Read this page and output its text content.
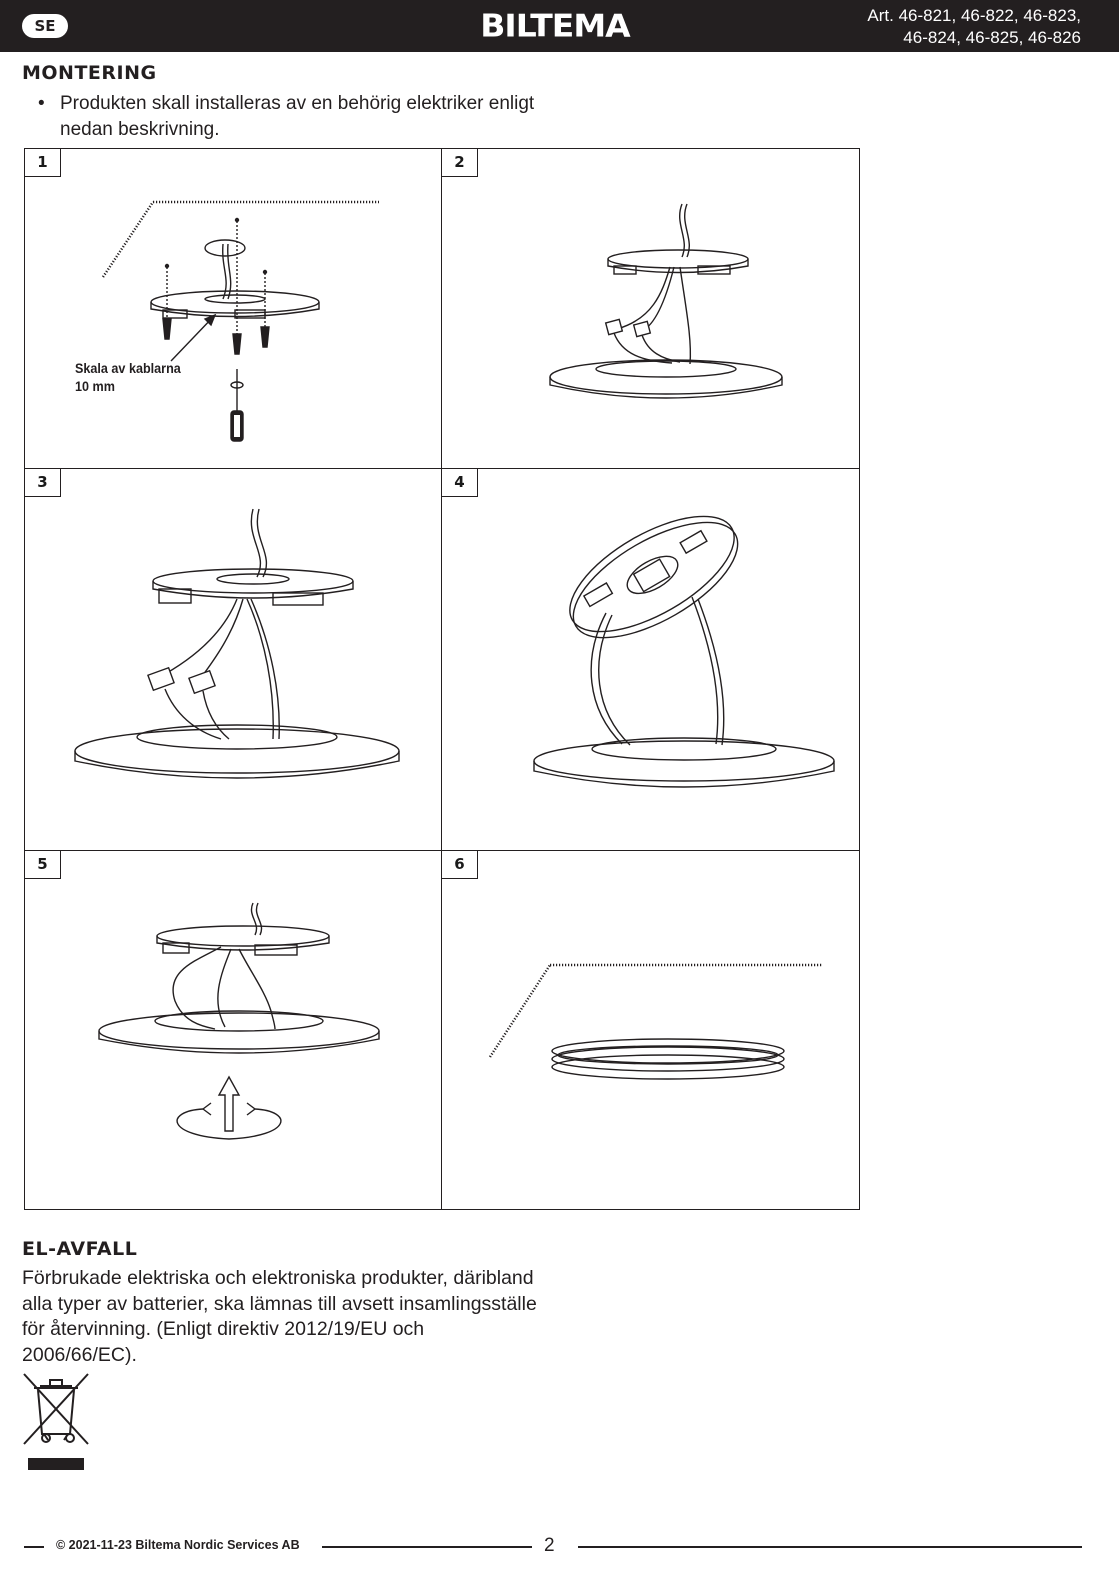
SE	BILTEMA	Art. 46-821, 46-822, 46-823,
46-824, 46-825, 46-826
MONTERING
• Produkten skall installeras av en behörig elektriker enligt nedan beskrivning.
1
Skala av kablarna
10 mm
2
3	4
5	6
EL-AVFALL
Förbrukade elektriska och elektroniska produkter, däribland alla typer av batterier, ska lämnas till avsett insamlingsställe för återvinning. (Enligt direktiv 2012/19/EU och 2006/66/EC).
© 2021-11-23 Biltema Nordic Services AB	2
